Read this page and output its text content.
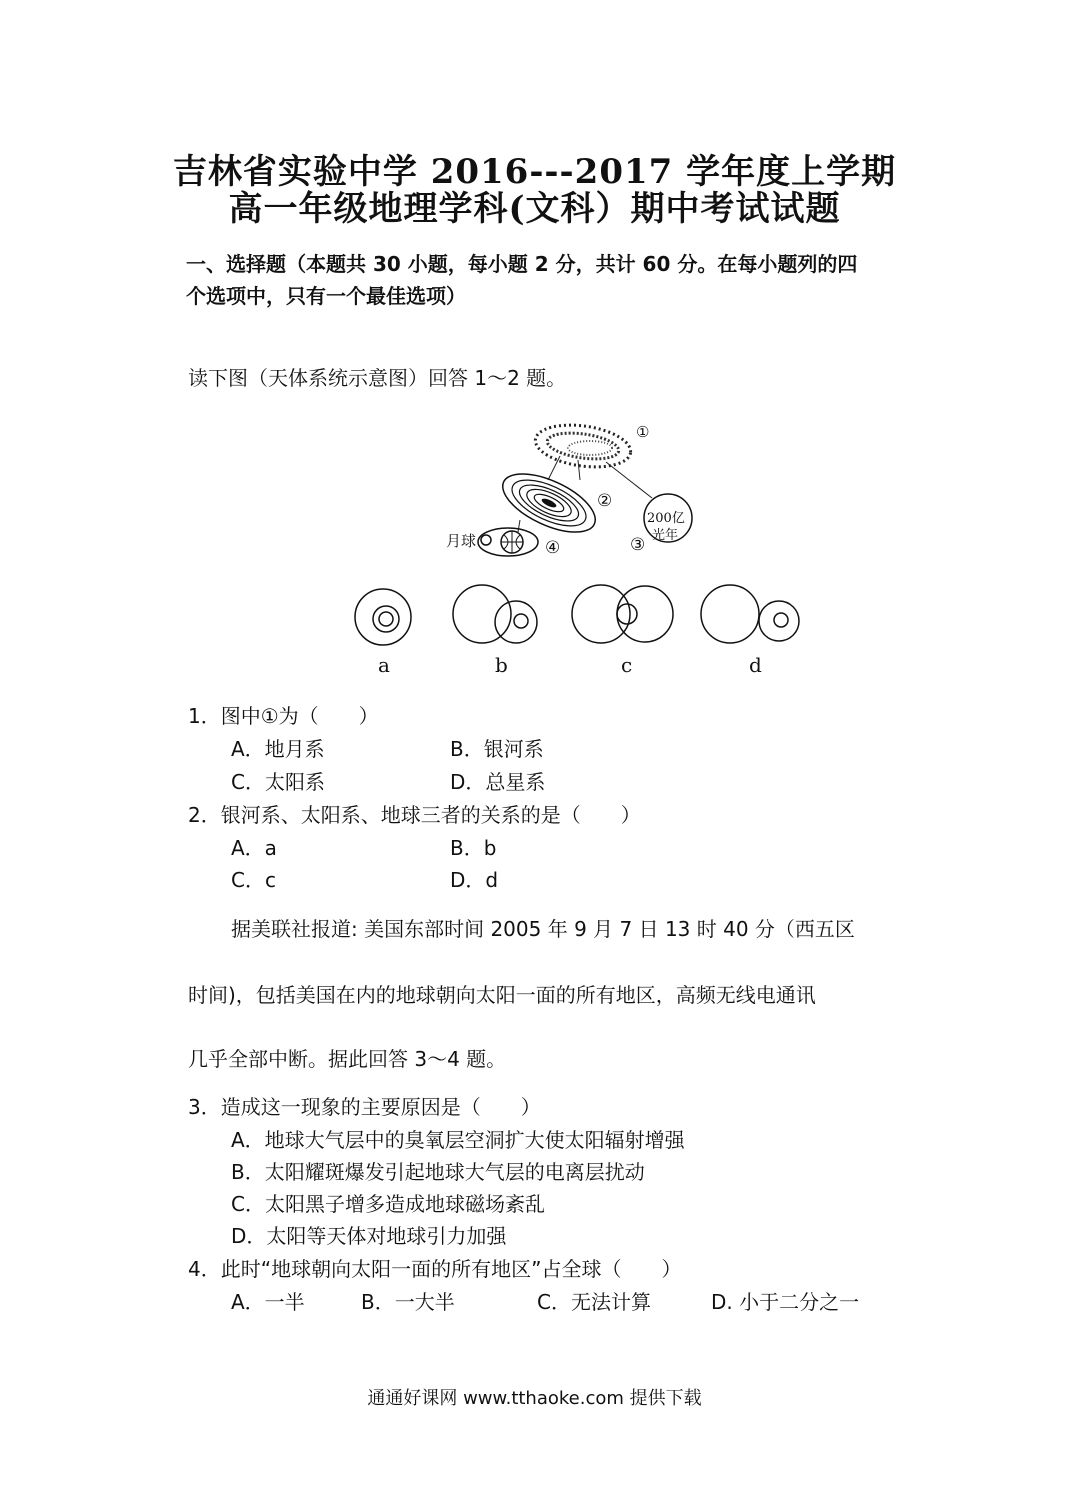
吉林省实验中学 2016---2017 学年度上学期
高一年级地理学科(文科）期中考试试题
一、选择题（本题共 30 小题，每小题 2 分，共计 60 分。在每小题列的四
个选项中，只有一个最佳选项）
读下图（天体系统示意图）回答 1～2 题。
①
②
③
④
月球
200亿
光年
a	b	c	d
1．图中①为（　　）
A．地月系	B．银河系
C．太阳系	D．总星系
2．银河系、太阳系、地球三者的关系的是（　　）
A．a	B．b
C．c	D．d
据美联社报道: 美国东部时间 2005 年 9 月 7 日 13 时 40 分（西五区
时间)，包括美国在内的地球朝向太阳一面的所有地区，高频无线电通讯
几乎全部中断。据此回答 3～4 题。
3．造成这一现象的主要原因是（　　）
A．地球大气层中的臭氧层空洞扩大使太阳辐射增强
B．太阳耀斑爆发引起地球大气层的电离层扰动
C．太阳黑子增多造成地球磁场紊乱
D．太阳等天体对地球引力加强
4．此时“地球朝向太阳一面的所有地区”占全球（　　）
A．一半	B．一大半	C．无法计算	D. 小于二分之一
通通好课网 www.tthaoke.com 提供下载
